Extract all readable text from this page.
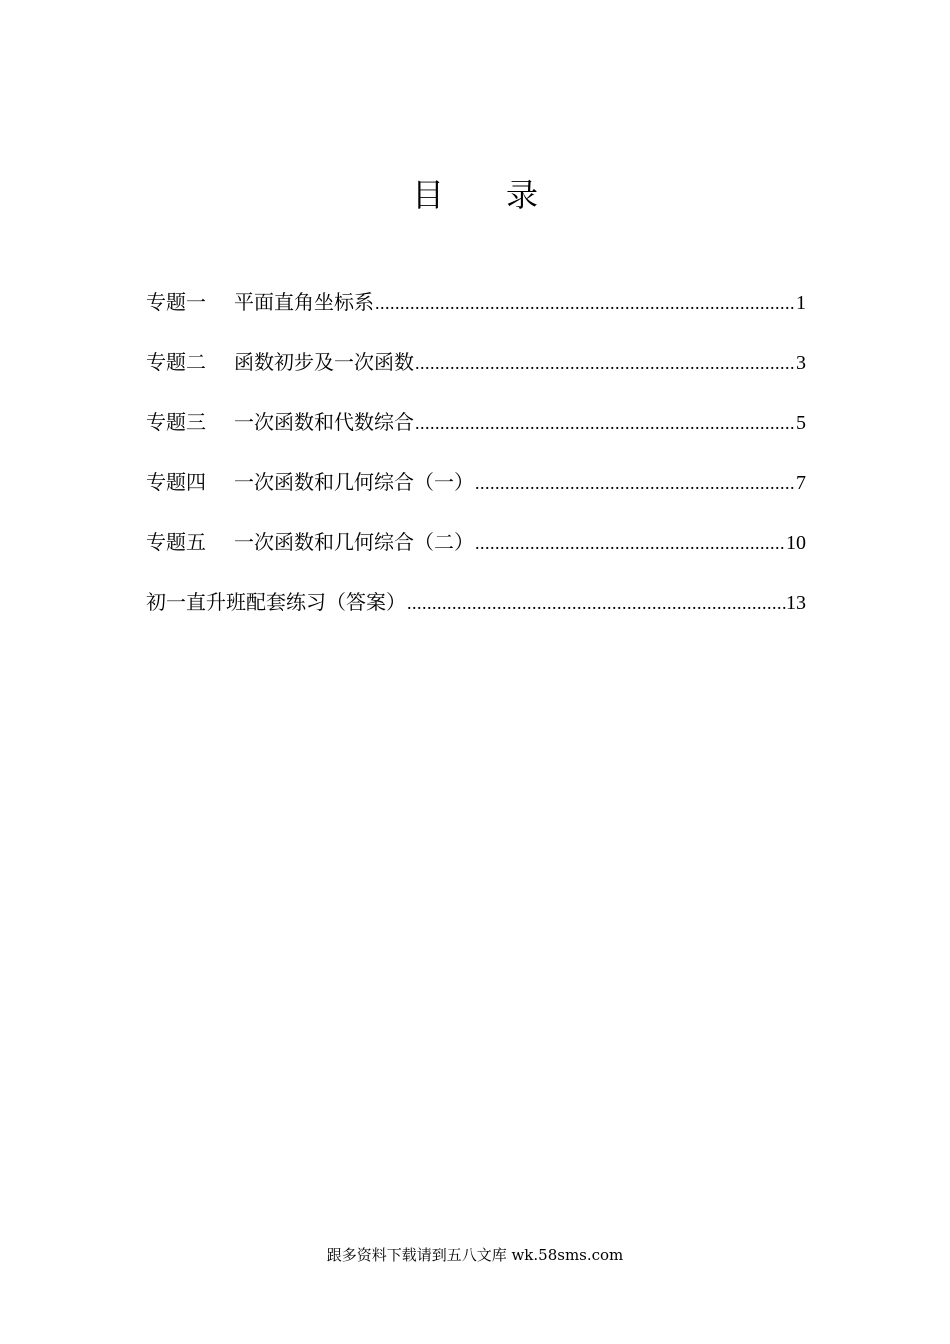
目 录
专题一 平面直角坐标系 .....	1
专题二 函数初步及一次函数 .....	3
专题三 一次函数和代数综合 .....	5
专题四 一次函数和几何综合（一） .....	7
专题五 一次函数和几何综合（二） .....	10
初一直升班配套练习（答案） .....	13
跟多资料下载请到五八文库 wk.58sms.com
